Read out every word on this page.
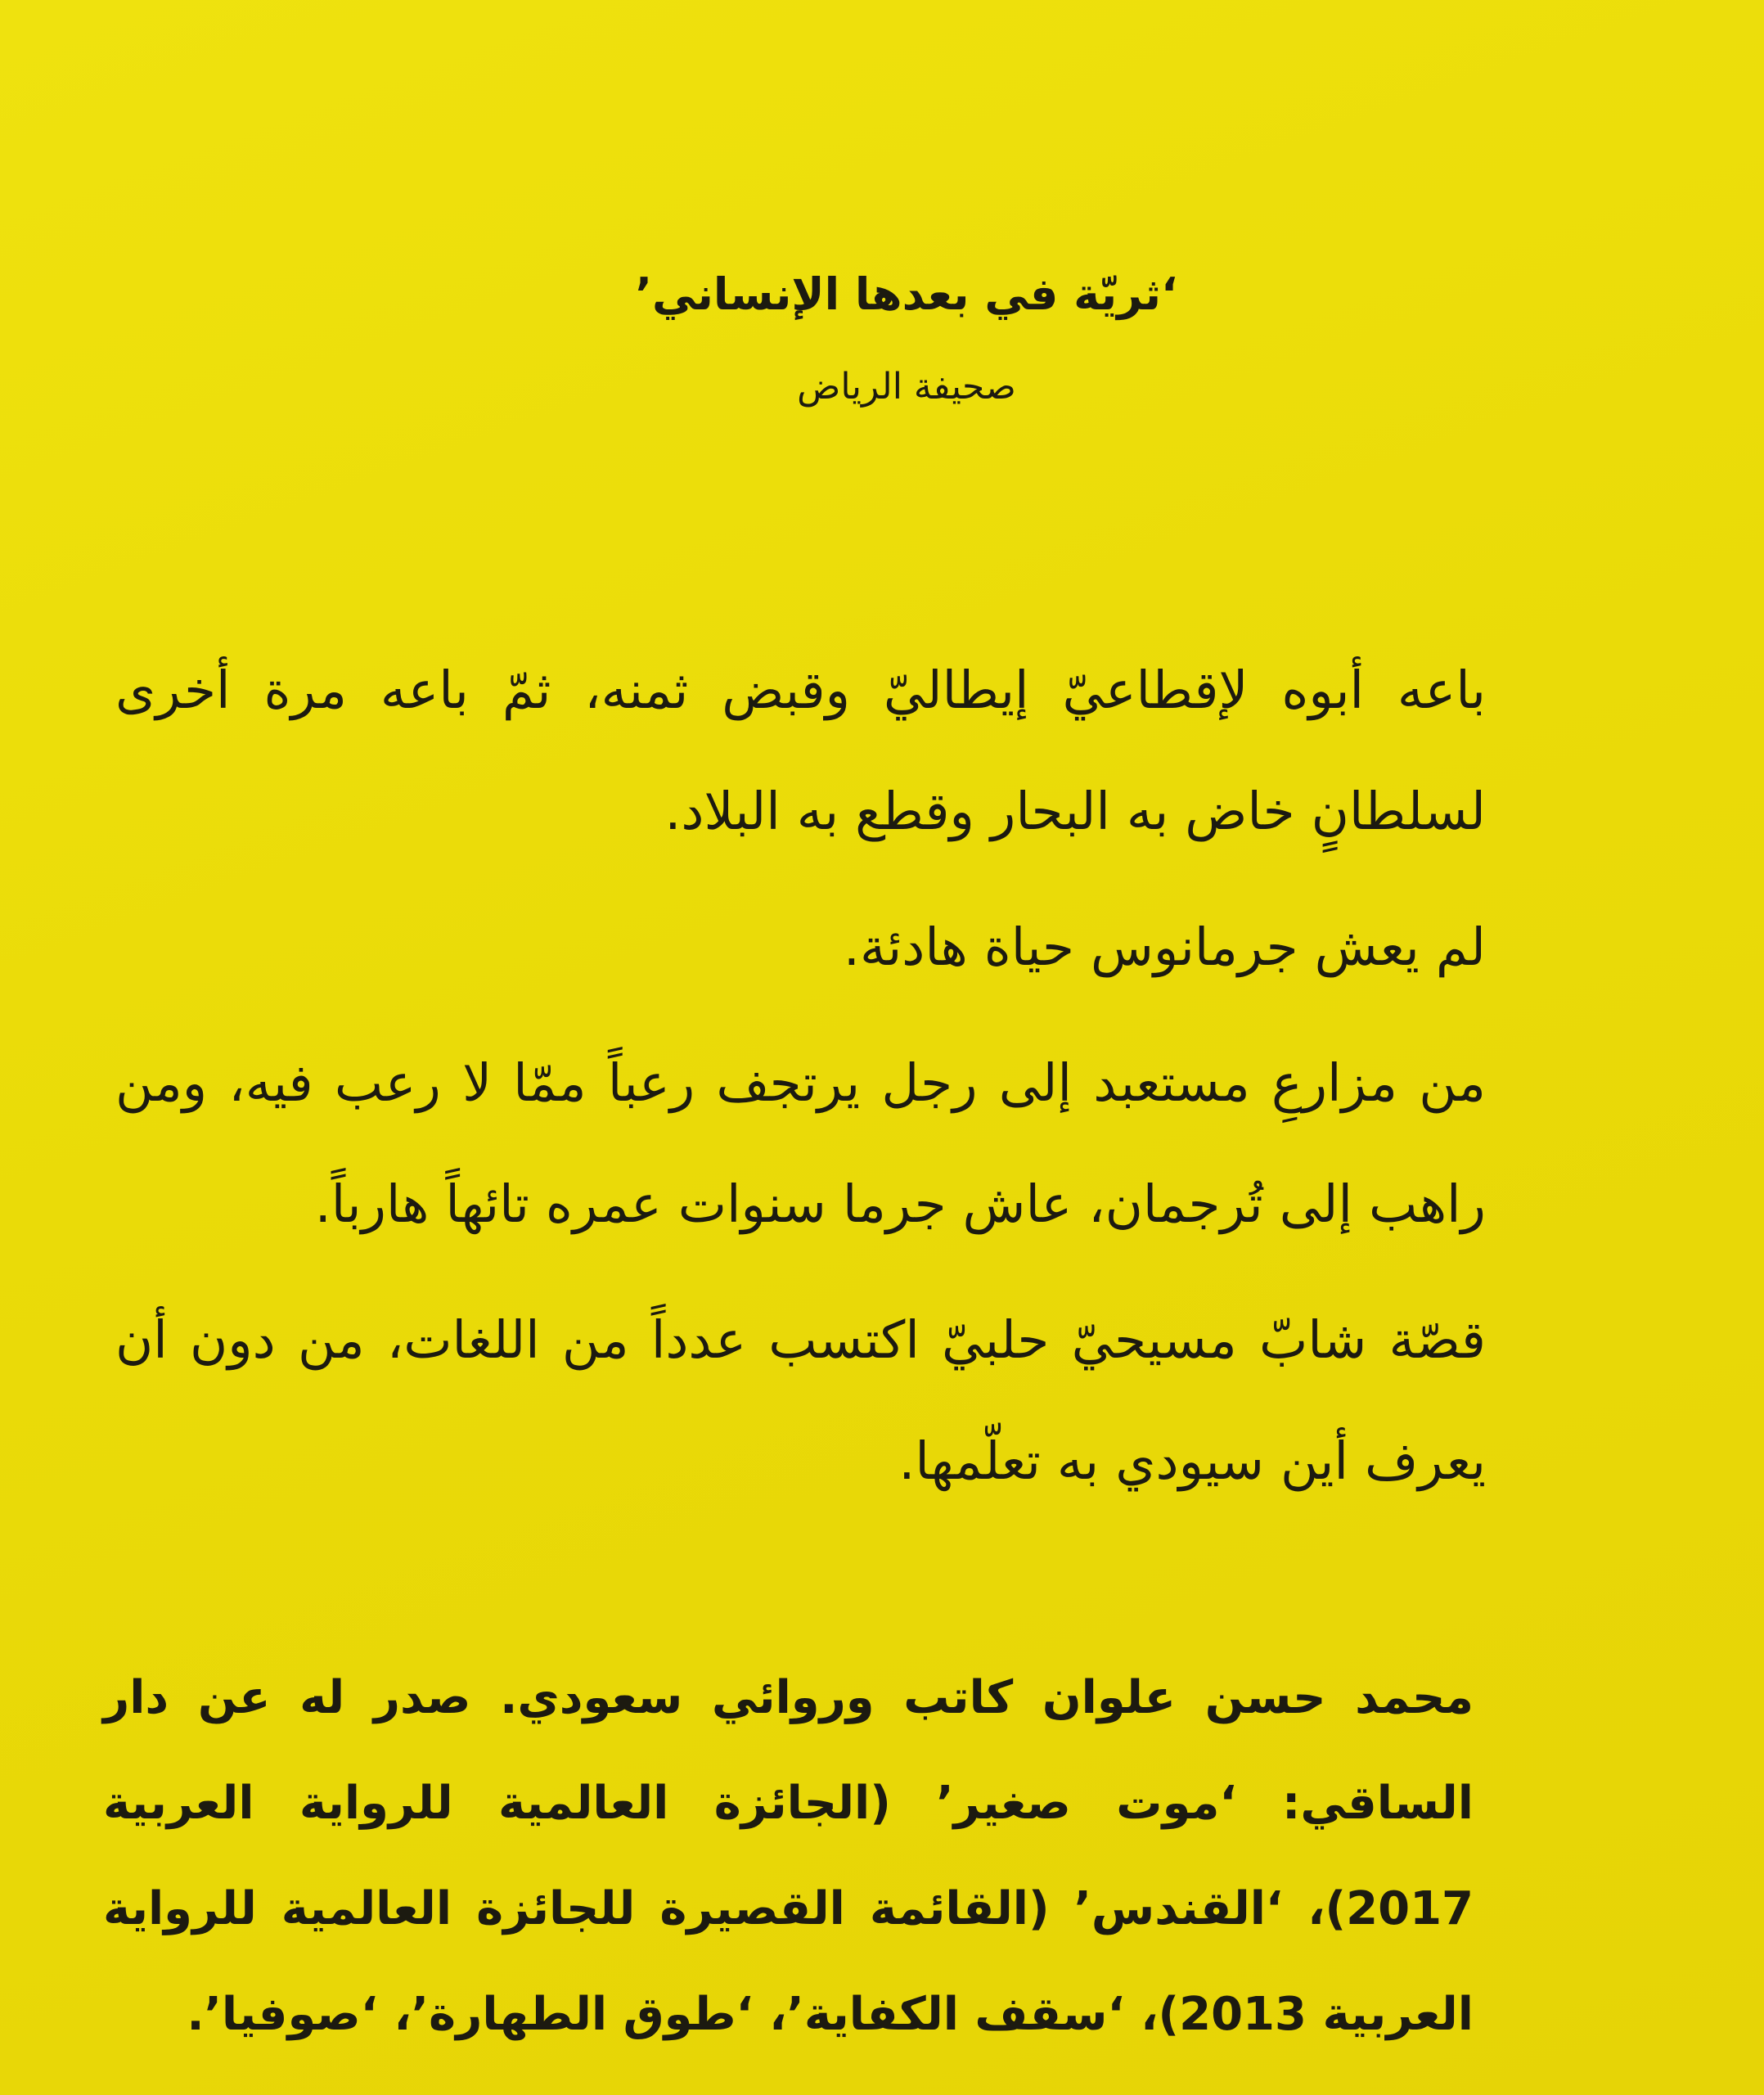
‘ثريّة في بعدها الإنساني’

صحيفة الرياض

باعه أبوه لإقطاعيّ إيطاليّ وقبض ثمنه، ثمّ باعه مرة أخرى لسلطانٍ خاض به البحار وقطع به البلاد.

لم يعش جرمانوس حياة هادئة.

من مزارعِ مستعبد إلى رجل يرتجف رعباً ممّا لا رعب فيه، ومن راهب إلى تُرجمان، عاش جرما سنوات عمره تائهاً هارباً.

قصّة شابّ مسيحيّ حلبيّ اكتسب عدداً من اللغات، من دون أن يعرف أين سيودي به تعلّمها.

محمد حسن علوان كاتب وروائي سعودي. صدر له عن دار الساقي: ‘موت صغير’ (الجائزة العالمية للرواية العربية 2017)، ‘القندس’ (القائمة القصيرة للجائزة العالمية للرواية العربية 2013)، ‘سقف الكفاية’، ‘طوق الطهارة’، ‘صوفيا’.
